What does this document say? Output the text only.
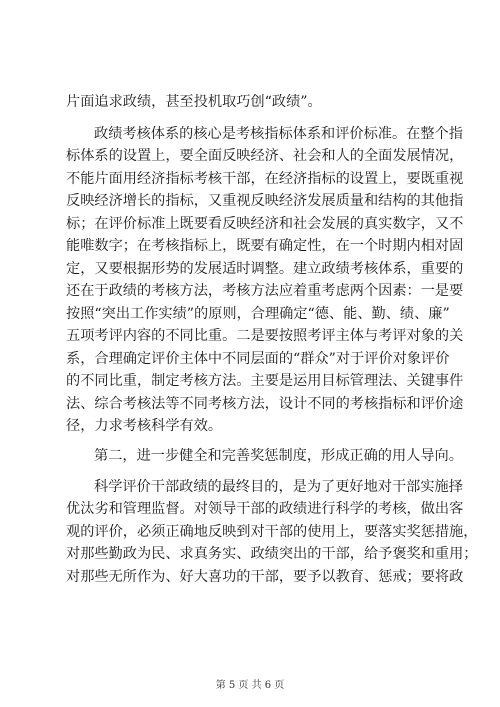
片面追求政绩，甚至投机取巧创“政绩”。
政绩考核体系的核心是考核指标体系和评价标准。在整个指
标体系的设置上，要全面反映经济、社会和人的全面发展情况，
不能片面用经济指标考核干部，在经济指标的设置上，要既重视
反映经济增长的指标，又重视反映经济发展质量和结构的其他指
标；在评价标准上既要看反映经济和社会发展的真实数字，又不
能唯数字；在考核指标上，既要有确定性，在一个时期内相对固
定，又要根据形势的发展适时调整。建立政绩考核体系，重要的
还在于政绩的考核方法，考核方法应着重考虑两个因素：一是要
按照“突出工作实绩”的原则，合理确定“德、能、勤、绩、廉”
五项考评内容的不同比重。二是要按照考评主体与考评对象的关
系，合理确定评价主体中不同层面的“群众”对于评价对象评价
的不同比重，制定考核方法。主要是运用目标管理法、关键事件
法、综合考核法等不同考核方法，设计不同的考核指标和评价途
径，力求考核科学有效。
第二，进一步健全和完善奖惩制度，形成正确的用人导向。
科学评价干部政绩的最终目的，是为了更好地对干部实施择
优汰劣和管理监督。对领导干部的政绩进行科学的考核，做出客
观的评价，必须正确地反映到对干部的使用上，要落实奖惩措施，
对那些勤政为民、求真务实、政绩突出的干部，给予褒奖和重用；
对那些无所作为、好大喜功的干部，要予以教育、惩戒；要将政
第 5 页 共 6 页
